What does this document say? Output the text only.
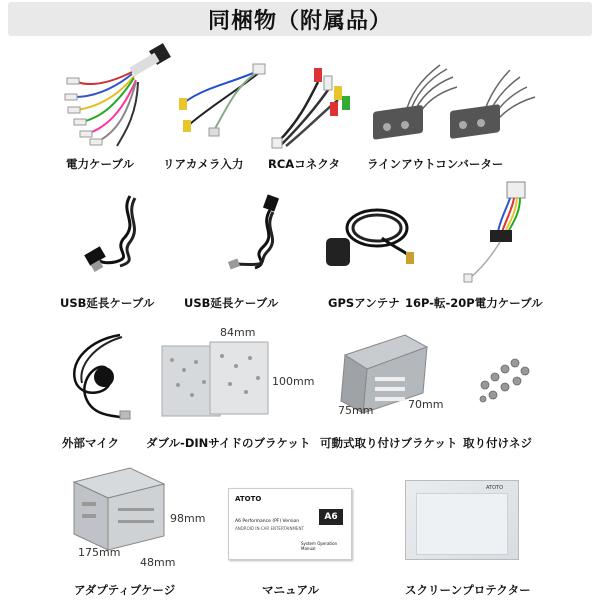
同梱物（附属品）
電力ケーブル	リアカメラ入力 RCAコネクタ ラインアウトコンバーター
USB延長ケーブル	USB延長ケーブル	GPSアンテナ 16P-転-20P電力ケーブル
外部マイク
84mm
100mm
ダブル-DINサイドのブラケット
75mm	70mm
可動式取り付けブラケット 取り付けネジ
98mm
175mm
48mm
アダプティブケージ
ATOTO
A6
A6 Performance (PF) Version
ANDROID IN-CAR ENTERTAINMENT
System Operation Manual
マニュアル
ATOTO
スクリーンプロテクター
